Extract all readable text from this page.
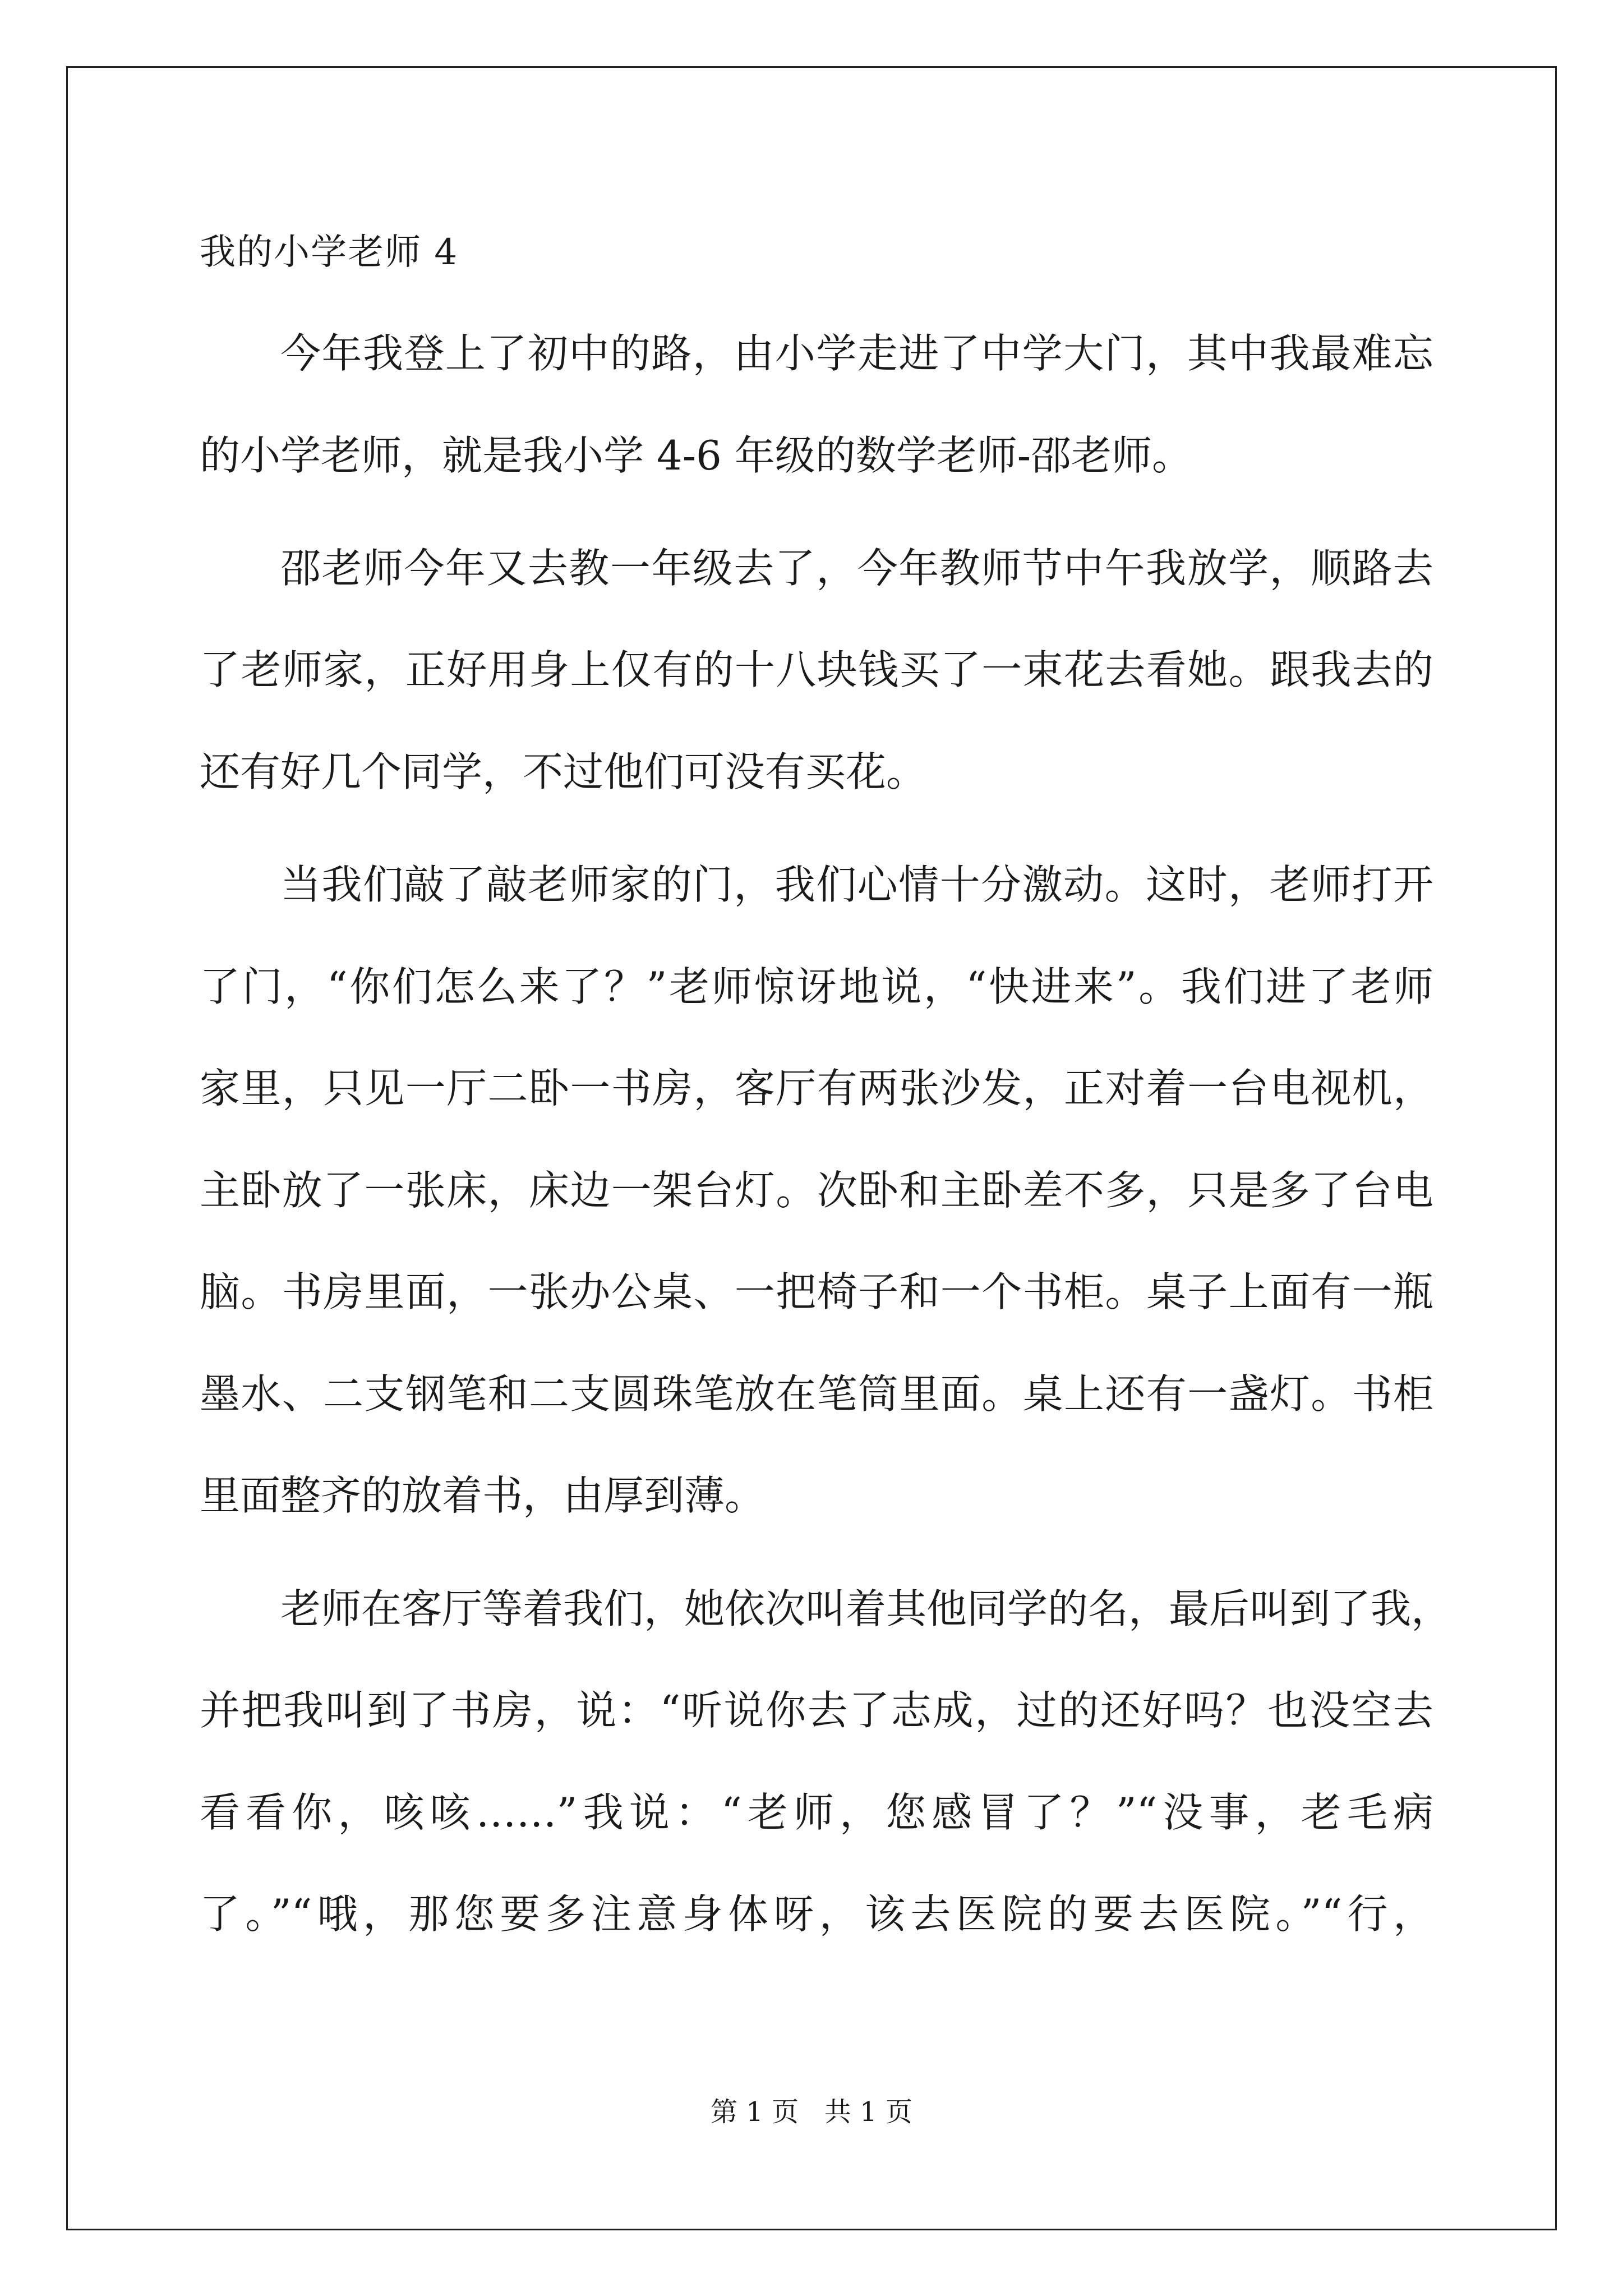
我的小学老师 4
今年我登上了初中的路，由小学走进了中学大门，其中我最难忘
的小学老师，就是我小学 4-6 年级的数学老师-邵老师。
邵老师今年又去教一年级去了，今年教师节中午我放学，顺路去
了老师家，正好用身上仅有的十八块钱买了一束花去看她。跟我去的
还有好几个同学，不过他们可没有买花。
当我们敲了敲老师家的门，我们心情十分激动。这时，老师打开
了门，“你们怎么来了？”老师惊讶地说，“快进来”。我们进了老师
家里，只见一厅二卧一书房，客厅有两张沙发，正对着一台电视机，
主卧放了一张床，床边一架台灯。次卧和主卧差不多，只是多了台电
脑。书房里面，一张办公桌、一把椅子和一个书柜。桌子上面有一瓶
墨水、二支钢笔和二支圆珠笔放在笔筒里面。桌上还有一盏灯。书柜
里面整齐的放着书，由厚到薄。
老师在客厅等着我们，她依次叫着其他同学的名，最后叫到了我，
并把我叫到了书房，说：“听说你去了志成，过的还好吗？也没空去
看看你，咳咳……”我说：“老师，您感冒了？”“没事，老毛病
了。”“哦，那您要多注意身体呀，该去医院的要去医院。”“行，
第 1 页   共 1 页
